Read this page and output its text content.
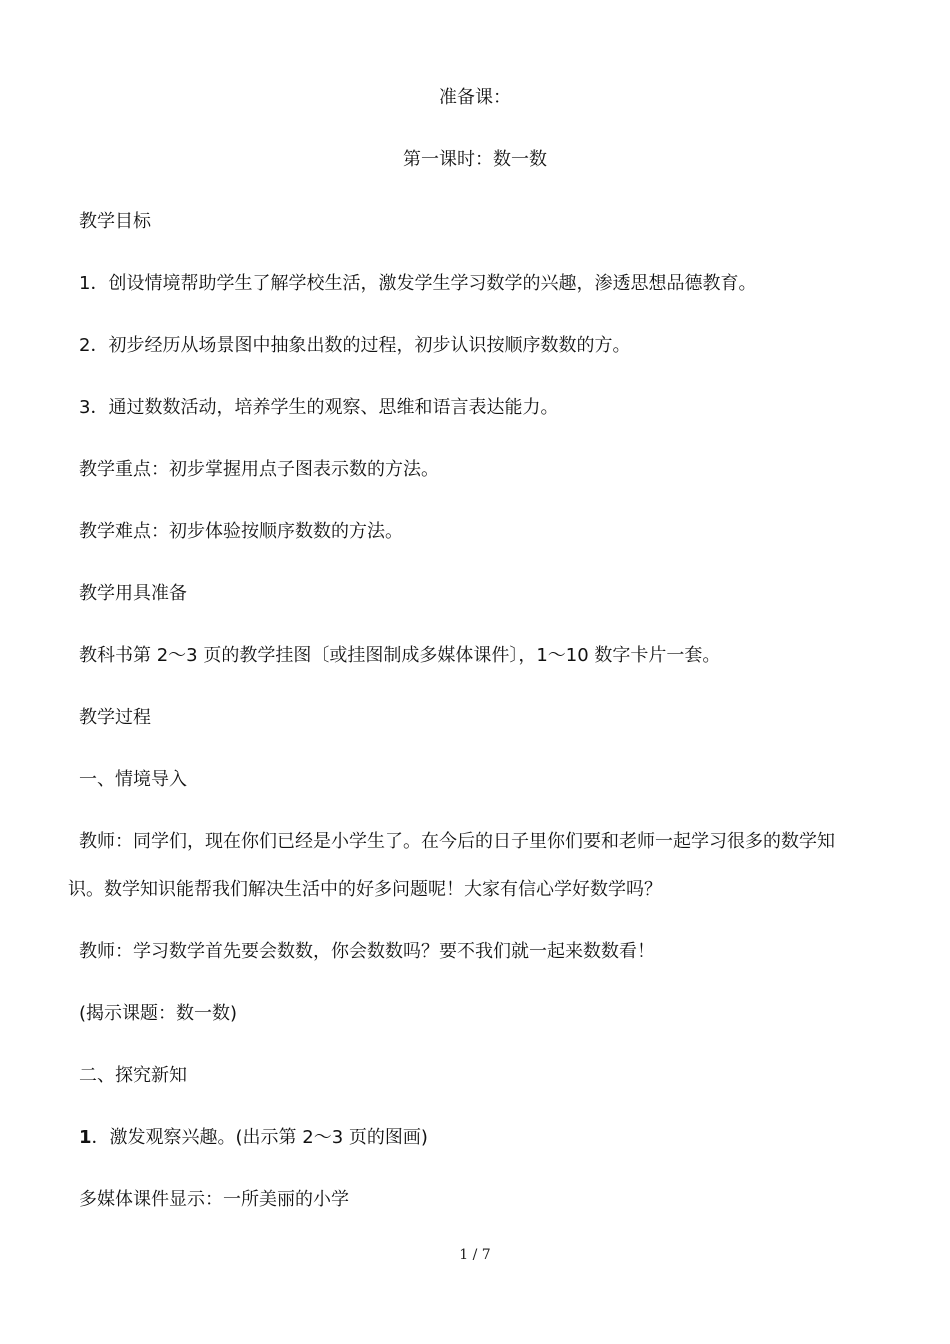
准备课：
第一课时：数一数
教学目标
1．创设情境帮助学生了解学校生活，激发学生学习数学的兴趣，渗透思想品德教育。
2．初步经历从场景图中抽象出数的过程，初步认识按顺序数数的方。
3．通过数数活动，培养学生的观察、思维和语言表达能力。
教学重点：初步掌握用点子图表示数的方法。
教学难点：初步体验按顺序数数的方法。
教学用具准备
教科书第 2～3 页的教学挂图〔或挂图制成多媒体课件〕，1～10 数字卡片一套。
教学过程
一、情境导入
教师：同学们，现在你们已经是小学生了。在今后的日子里你们要和老师一起学习很多的数学知
识。数学知识能帮我们解决生活中的好多问题呢！大家有信心学好数学吗？
教师：学习数学首先要会数数，你会数数吗？要不我们就一起来数数看！
(揭示课题：数一数)
二、探究新知
1．激发观察兴趣。(出示第 2～3 页的图画)
多媒体课件显示：一所美丽的小学
1 / 7
